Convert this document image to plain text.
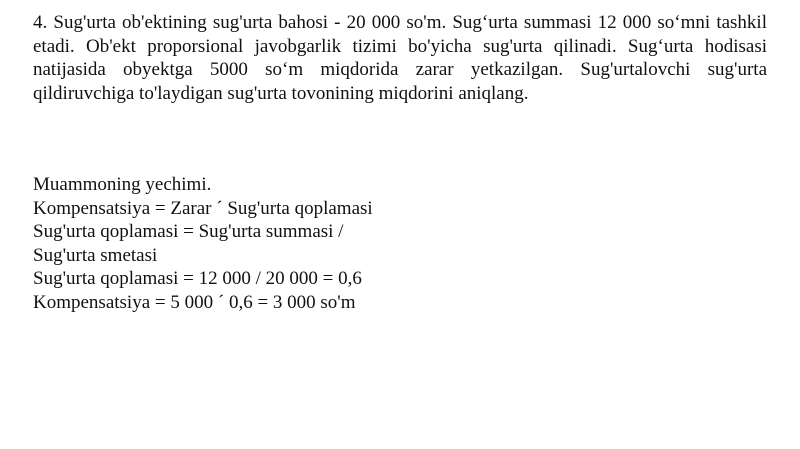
4. Sug'urta ob'ektining sug'urta bahosi - 20 000 so'm. Sug‘urta summasi 12 000 so‘mni tashkil etadi. Ob'ekt proporsional javobgarlik tizimi bo'yicha sug'urta qilinadi. Sug‘urta hodisasi natijasida obyektga 5000 so‘m miqdorida zarar yetkazilgan. Sug'urtalovchi sug'urta qildiruvchiga to'laydigan sug'urta tovonining miqdorini aniqlang.

Muammoning yechimi.
Kompensatsiya = Zarar ´ Sug'urta qoplamasi
Sug'urta qoplamasi = Sug'urta summasi /
Sug'urta smetasi
Sug'urta qoplamasi = 12 000 / 20 000 = 0,6
Kompensatsiya = 5 000 ´ 0,6 = 3 000 so'm
